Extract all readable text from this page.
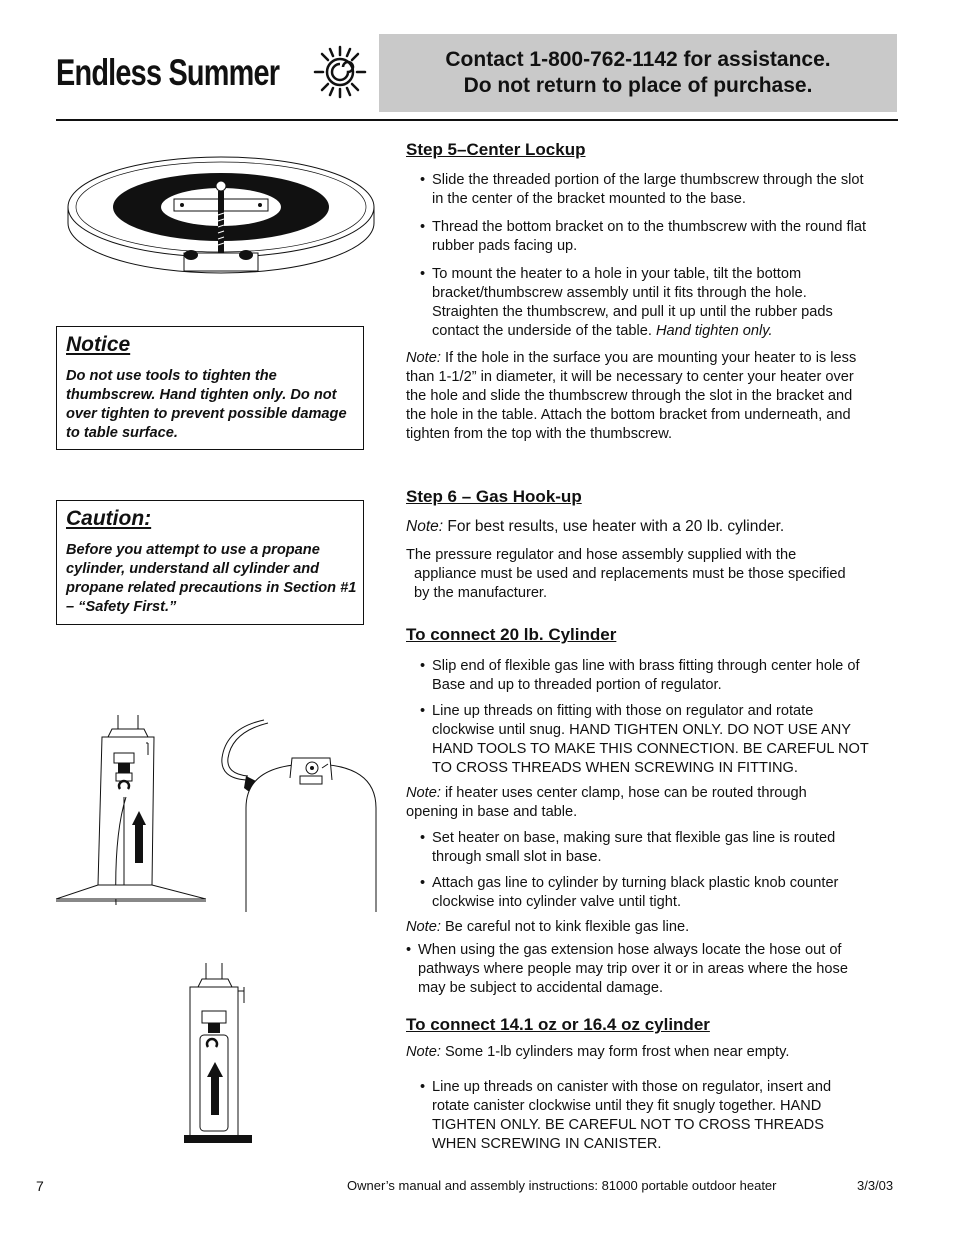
Endless Summer	Contact 1-800-762-1142 for assistance.
Do not return to place of purchase.
Notice
Do not use tools to tighten the thumbscrew. Hand tighten only. Do not over tighten to prevent possible damage to table surface.
Caution:
Before you attempt to use a propane cylinder, understand all cylinder and propane related precautions in Section #1 – “Safety First.”
Step 5–Center Lockup
• Slide the threaded portion of the large thumbscrew through the slot
in the center of the bracket mounted to the base.
• Thread the bottom bracket on to the thumbscrew with the round flat
rubber pads facing up.
• To mount the heater to a hole in your table, tilt the bottom
bracket/thumbscrew assembly until it fits through the hole.
Straighten the thumbscrew, and pull it up until the rubber pads
contact the underside of the table. Hand tighten only.
Note: If the hole in the surface you are mounting your heater to is less
than 1-1/2” in diameter, it will be necessary to center your heater over
the hole and slide the thumbscrew through the slot in the bracket and
the hole in the table. Attach the bottom bracket from underneath, and
tighten from the top with the thumbscrew.
Step 6 – Gas Hook-up
Note: For best results, use heater with a 20 lb. cylinder.
The pressure regulator and hose assembly supplied with the
appliance must be used and replacements must be those specified
by the manufacturer.
To connect 20 lb. Cylinder
• Slip end of flexible gas line with brass fitting through center hole of
Base and up to threaded portion of regulator.
• Line up threads on fitting with those on regulator and rotate
clockwise until snug. HAND TIGHTEN ONLY. DO NOT USE ANY
HAND TOOLS TO MAKE THIS CONNECTION. BE CAREFUL NOT
TO CROSS THREADS WHEN SCREWING IN FITTING.
Note: if heater uses center clamp, hose can be routed through
opening in base and table.
• Set heater on base, making sure that flexible gas line is routed
through small slot in base.
• Attach gas line to cylinder by turning black plastic knob counter
clockwise into cylinder valve until tight.
Note: Be careful not to kink flexible gas line.
• When using the gas extension hose always locate the hose out of
pathways where people may trip over it or in areas where the hose
may be subject to accidental damage.
To connect 14.1 oz or 16.4 oz cylinder
Note: Some 1-lb cylinders may form frost when near empty.
• Line up threads on canister with those on regulator, insert and
rotate canister clockwise until they fit snugly together. HAND
TIGHTEN ONLY. BE CAREFUL NOT TO CROSS THREADS
WHEN SCREWING IN CANISTER.
7	Owner’s manual and assembly instructions: 81000 portable outdoor heater	3/3/03
